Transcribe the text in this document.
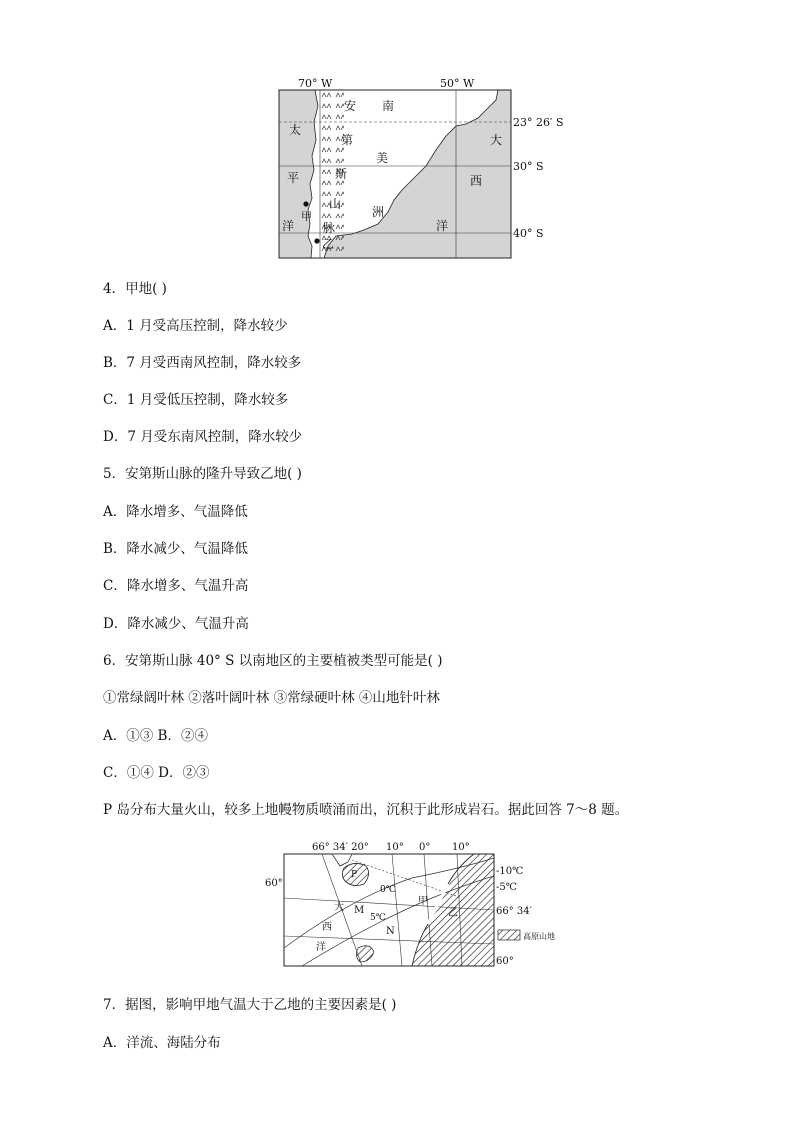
70° W	50° W
23° 26′ S
30° S
40° S
安 南
第
美
斯
山
脉
洲
太
平
洋
大
西
洋
甲
乙
4．甲地( )
A．1 月受高压控制，降水较少
B．7 月受西南风控制，降水较多
C．1 月受低压控制，降水较多
D．7 月受东南风控制，降水较少
5．安第斯山脉的隆升导致乙地( )
A．降水增多、气温降低
B．降水减少、气温降低
C．降水增多、气温升高
D．降水减少、气温升高
6．安第斯山脉 40° S 以南地区的主要植被类型可能是( )
①常绿阔叶林 ②落叶阔叶林 ③常绿硬叶林 ④山地针叶林
A．①③ B．②④
C．①④ D．②③
P 岛分布大量火山，较多上地幔物质喷涌而出，沉积于此形成岩石。据此回答 7～8 题。
66° 34′ 20° 10° 0° 10°
60°
P
0℃
5℃
大
西
洋
M
N
甲
乙
-10℃
-5℃
66° 34′
60°
高原山地
7．据图，影响甲地气温大于乙地的主要因素是( )
A．洋流、海陆分布
